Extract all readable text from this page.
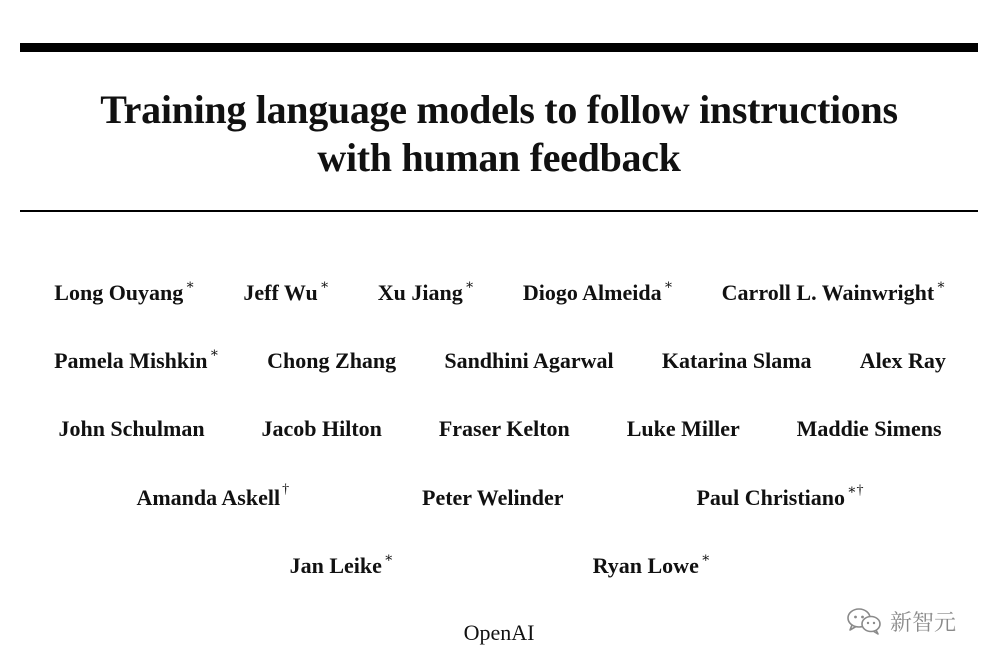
Training language models to follow instructions
with human feedback
Long Ouyang ∗ Jeff Wu ∗ Xu Jiang ∗ Diogo Almeida ∗ Carroll L. Wainwright ∗
Pamela Mishkin ∗ Chong Zhang Sandhini Agarwal Katarina Slama Alex Ray
John Schulman	Jacob Hilton	Fraser Kelton	Luke Miller	Maddie Simens
Amanda Askell †	Peter Welinder	Paul Christiano ∗†
Jan Leike ∗	Ryan Lowe ∗
OpenAI	新智元
